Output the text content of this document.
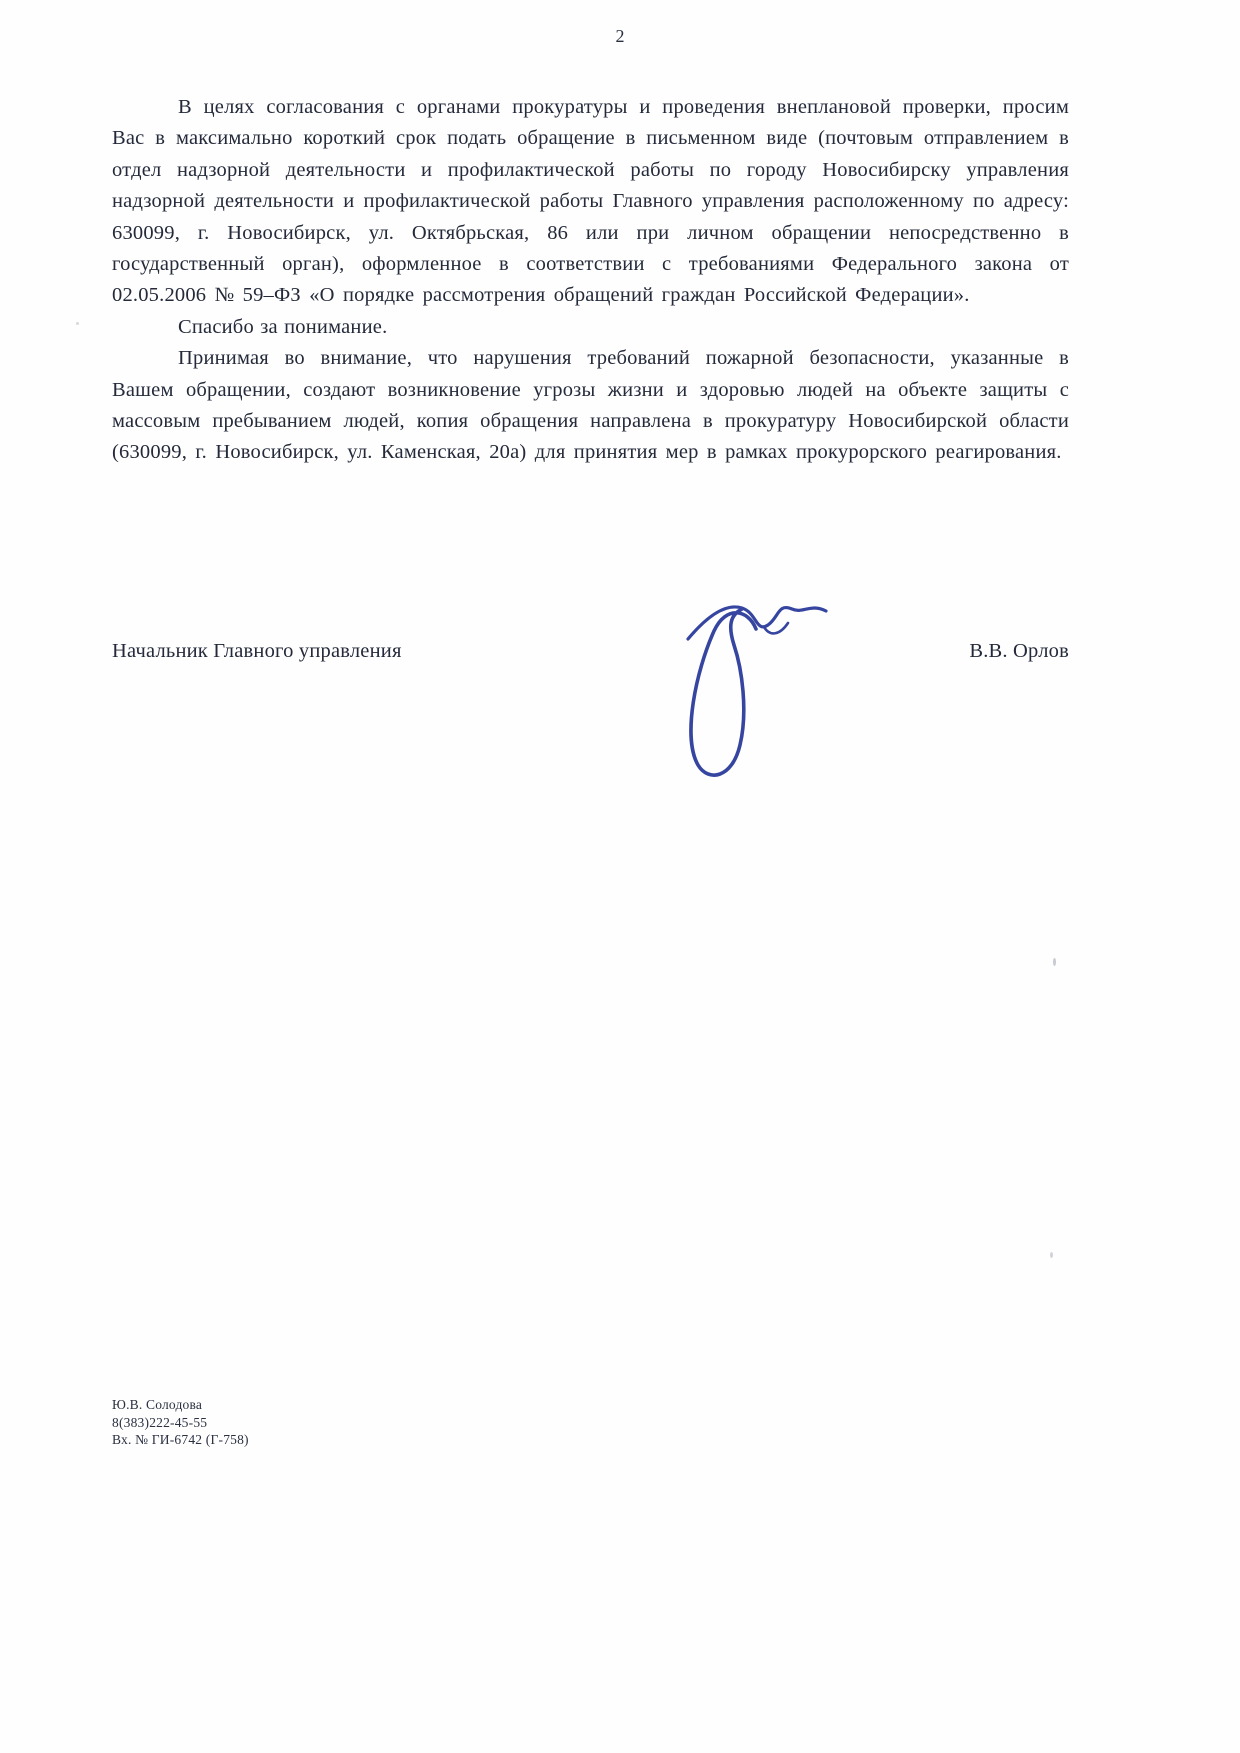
2

В целях согласования с органами прокуратуры и проведения внеплановой проверки, просим Вас в максимально короткий срок подать обращение в письменном виде (почтовым отправлением в отдел надзорной деятельности и профилактической работы по городу Новосибирску управления надзорной деятельности и профилактической работы Главного управления расположенному по адресу: 630099, г. Новосибирск, ул. Октябрьская, 86 или при личном обращении непосредственно в государственный орган), оформленное в соответствии с требованиями Федерального закона от 02.05.2006 № 59–ФЗ «О порядке рассмотрения обращений граждан Российской Федерации».

Спасибо за понимание.

Принимая во внимание, что нарушения требований пожарной безопасности, указанные в Вашем обращении, создают возникновение угрозы жизни и здоровью людей на объекте защиты с массовым пребыванием людей, копия обращения направлена в прокуратуру Новосибирской области (630099, г. Новосибирск, ул. Каменская, 20а) для принятия мер в рамках прокурорского реагирования.

Начальник Главного управления	В.В. Орлов
Ю.В. Солодова
8(383)222-45-55
Вх. № ГИ-6742 (Г-758)
